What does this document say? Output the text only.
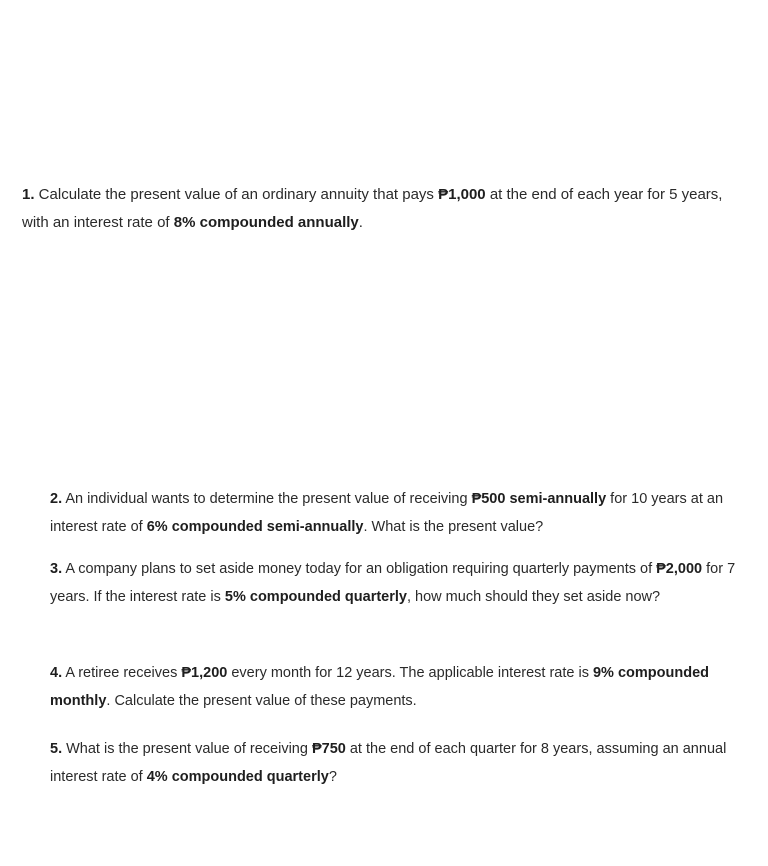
1. Calculate the present value of an ordinary annuity that pays ₱1,000 at the end of each year for 5 years, with an interest rate of 8% compounded annually.

2. An individual wants to determine the present value of receiving ₱500 semi-annually for 10 years at an interest rate of 6% compounded semi-annually. What is the present value?

3. A company plans to set aside money today for an obligation requiring quarterly payments of ₱2,000 for 7 years. If the interest rate is 5% compounded quarterly, how much should they set aside now?

4. A retiree receives ₱1,200 every month for 12 years. The applicable interest rate is 9% compounded monthly. Calculate the present value of these payments.

5. What is the present value of receiving ₱750 at the end of each quarter for 8 years, assuming an annual interest rate of 4% compounded quarterly?
